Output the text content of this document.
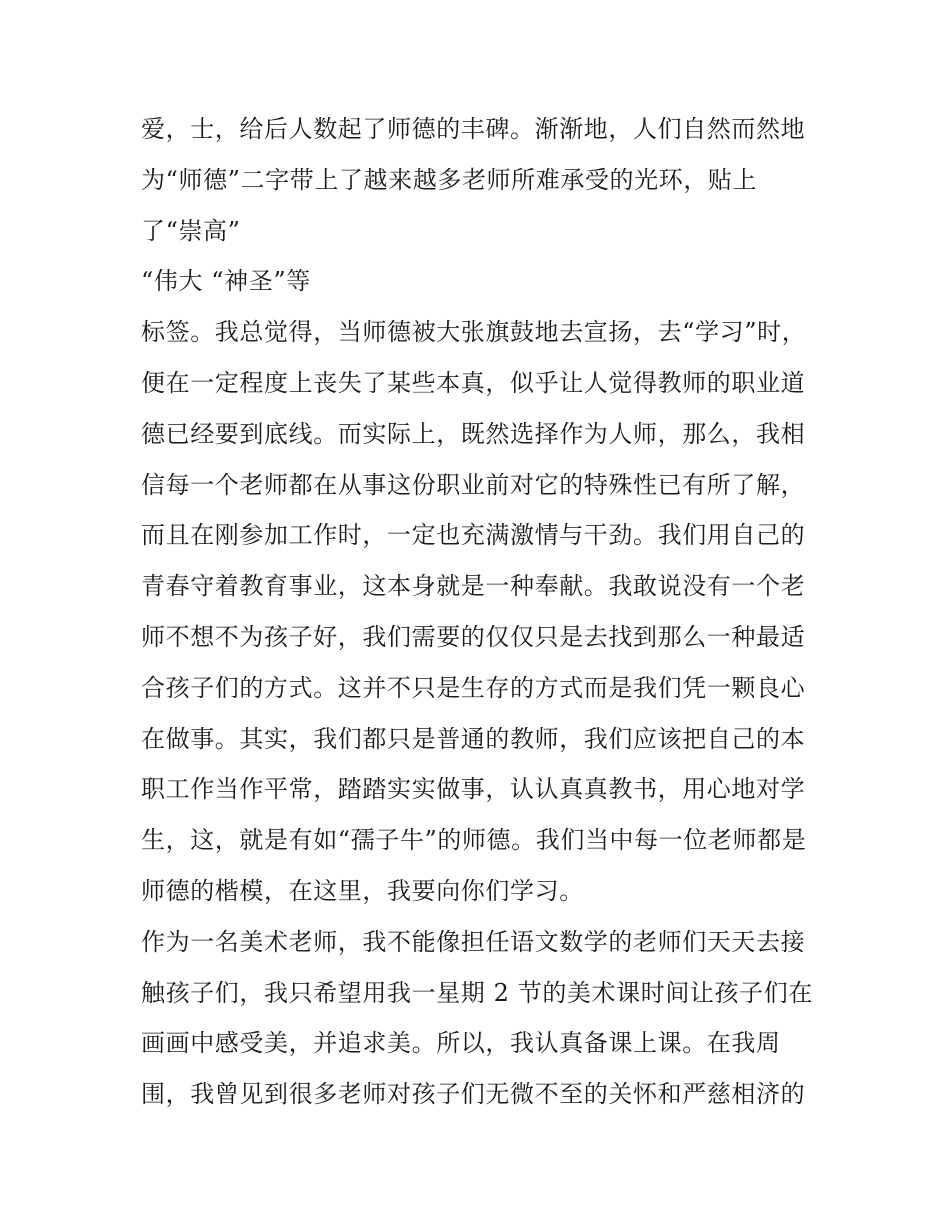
爱，士，给后人数起了师德的丰碑。渐渐地，人们自然而然地

为“师德”二字带上了越来越多老师所难承受的光环，贴上

了“崇高”

“伟大 “神圣”等

标签。我总觉得，当师德被大张旗鼓地去宣扬，去“学习”时，

便在一定程度上丧失了某些本真，似乎让人觉得教师的职业道

德已经要到底线。而实际上，既然选择作为人师，那么，我相

信每一个老师都在从事这份职业前对它的特殊性已有所了解，

而且在刚参加工作时，一定也充满激情与干劲。我们用自己的

青春守着教育事业，这本身就是一种奉献。我敢说没有一个老

师不想不为孩子好，我们需要的仅仅只是去找到那么一种最适

合孩子们的方式。这并不只是生存的方式而是我们凭一颗良心

在做事。其实，我们都只是普通的教师，我们应该把自己的本

职工作当作平常，踏踏实实做事，认认真真教书，用心地对学

生，这，就是有如“孺子牛”的师德。我们当中每一位老师都是

师德的楷模，在这里，我要向你们学习。

作为一名美术老师，我不能像担任语文数学的老师们天天去接

触孩子们，我只希望用我一星期 2 节的美术课时间让孩子们在

画画中感受美，并追求美。所以，我认真备课上课。在我周

围，我曾见到很多老师对孩子们无微不至的关怀和严慈相济的
